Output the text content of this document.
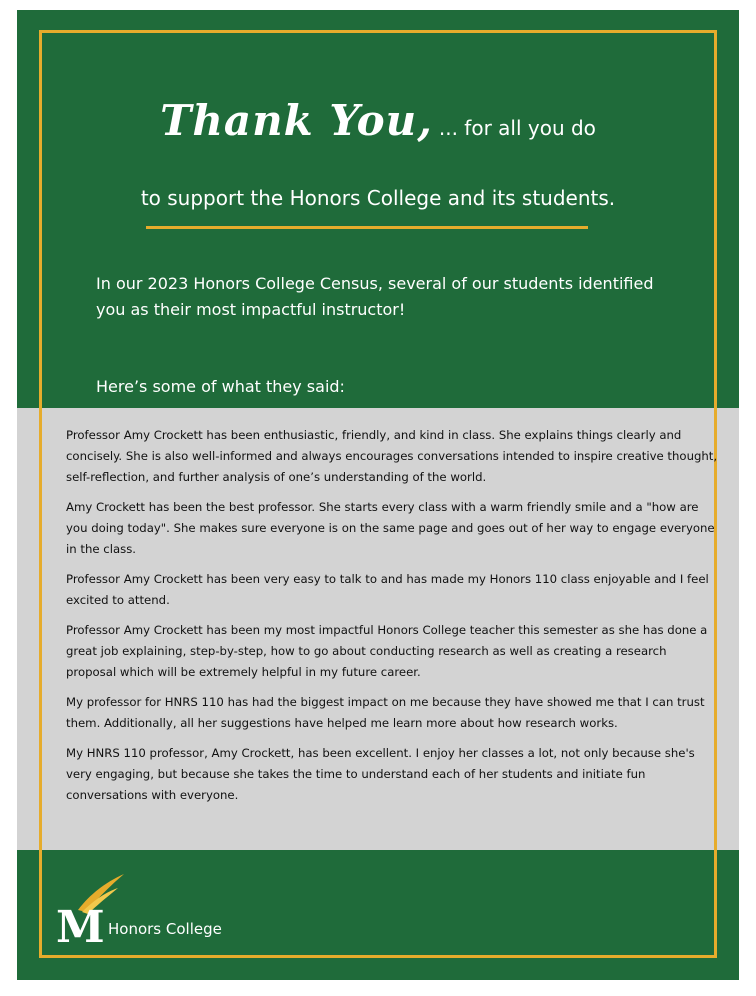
Thank You, ... for all you do
to support the Honors College and its students.
In our 2023 Honors College Census, several of our students identified you as their most impactful instructor!
Here’s some of what they said:

Professor Amy Crockett has been enthusiastic, friendly, and kind in class. She explains things clearly and concisely. She is also well-informed and always encourages conversations intended to inspire creative thought, self-reflection, and further analysis of one’s understanding of the world.

Amy Crockett has been the best professor. She starts every class with a warm friendly smile and a "how are you doing today". She makes sure everyone is on the same page and goes out of her way to engage everyone in the class.

Professor Amy Crockett has been very easy to talk to and has made my Honors 110 class enjoyable and I feel excited to attend.

Professor Amy Crockett has been my most impactful Honors College teacher this semester as she has done a great job explaining, step-by-step, how to go about conducting research as well as creating a research proposal which will be extremely helpful in my future career.

My professor for HNRS 110 has had the biggest impact on me because they have showed me that I can trust them. Additionally, all her suggestions have helped me learn more about how research works.

My HNRS 110 professor, Amy Crockett, has been excellent. I enjoy her classes a lot, not only because she's very engaging, but because she takes the time to understand each of her students and initiate fun conversations with everyone.

M Honors College
